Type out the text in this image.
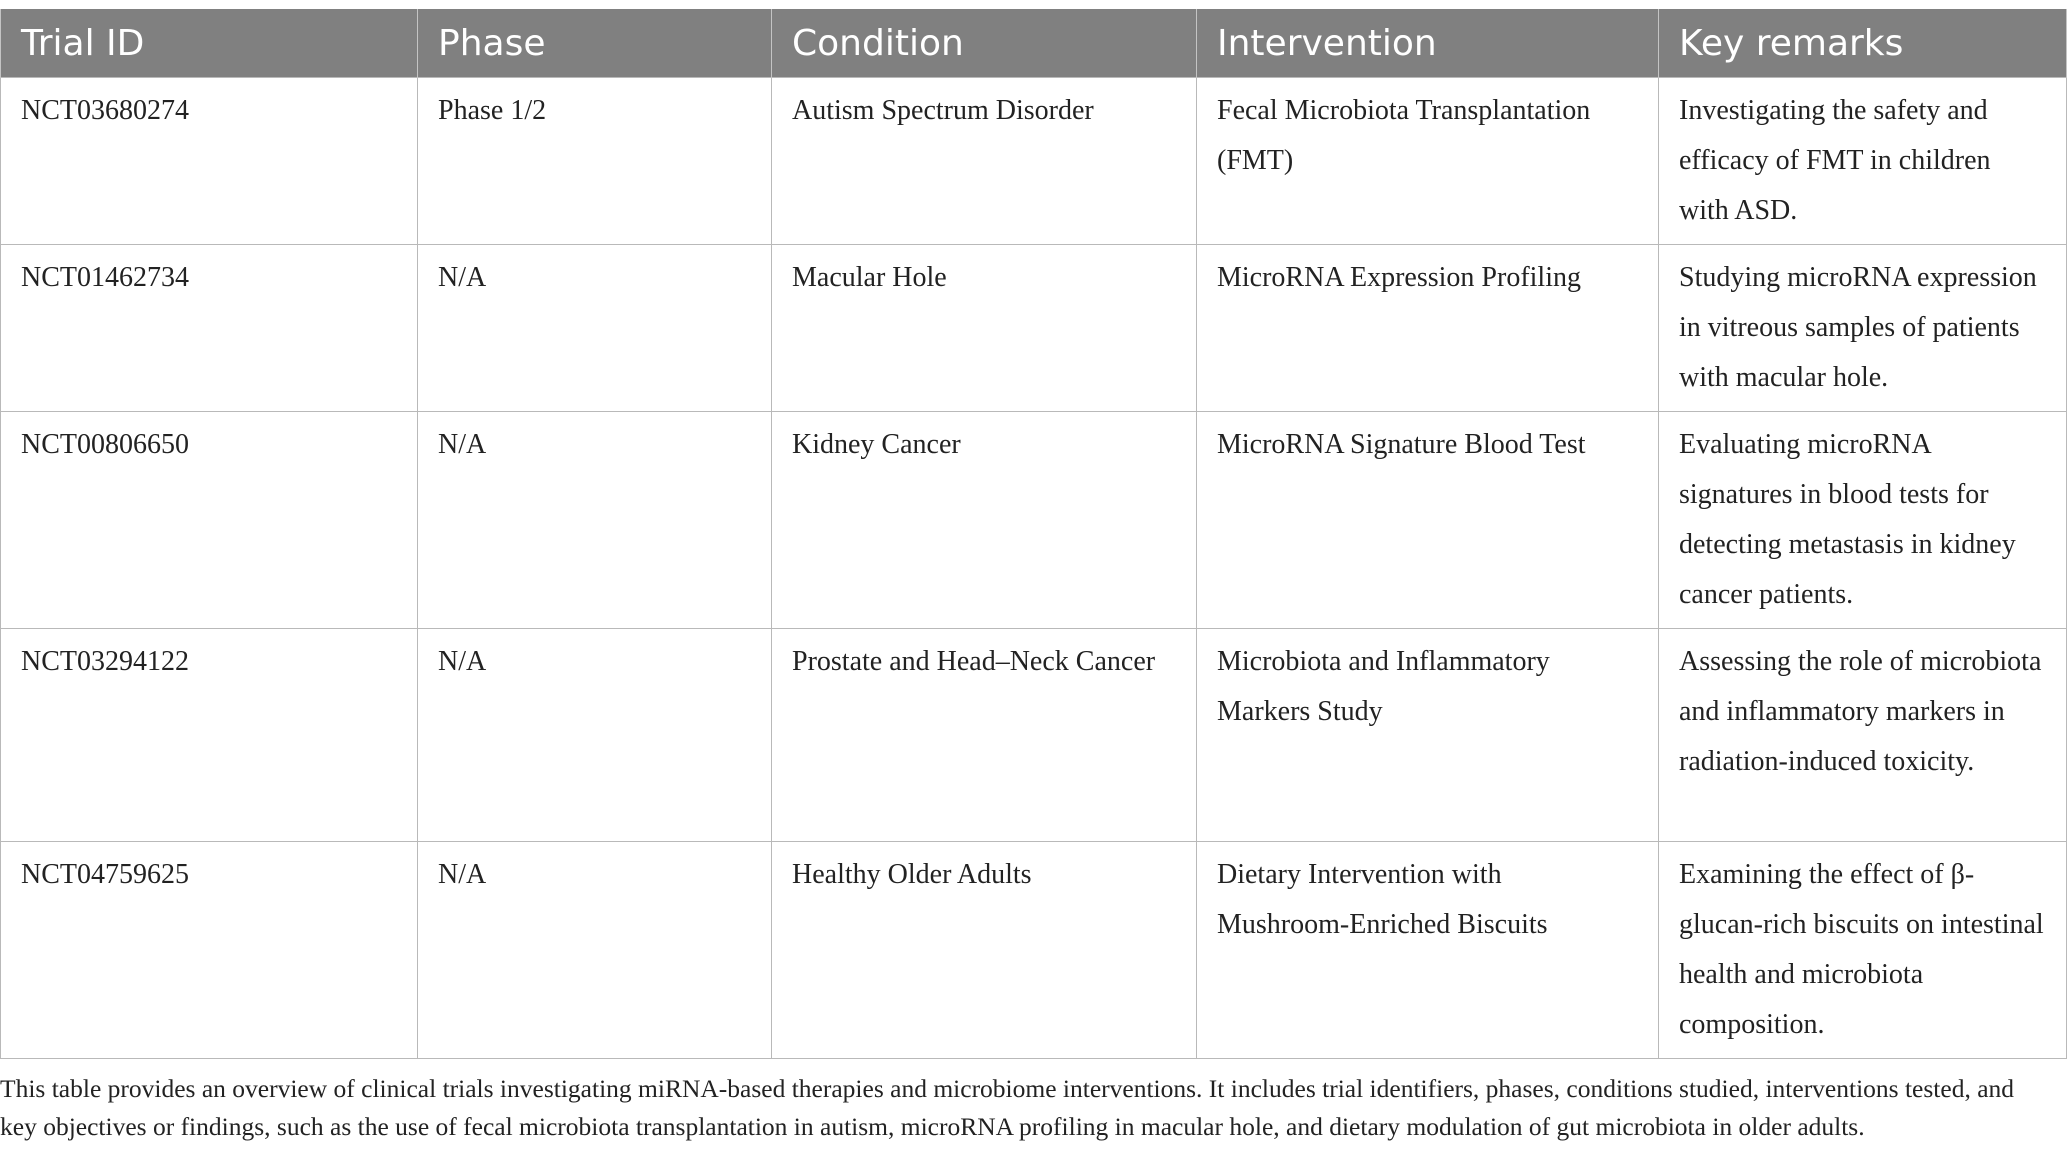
Trial ID	Phase	Condition	Intervention	Key remarks
NCT03680274	Phase 1/2	Autism Spectrum Disorder	Fecal Microbiota Transplantation (FMT)	Investigating the safety and efficacy of FMT in children with ASD.
NCT01462734	N/A	Macular Hole	MicroRNA Expression Profiling	Studying microRNA expression in vitreous samples of patients with macular hole.
NCT00806650	N/A	Kidney Cancer	MicroRNA Signature Blood Test	Evaluating microRNA signatures in blood tests for detecting metastasis in kidney cancer patients.
NCT03294122	N/A	Prostate and Head–Neck Cancer	Microbiota and Inflammatory Markers Study	Assessing the role of microbiota and inflammatory markers in radiation-induced toxicity.
NCT04759625	N/A	Healthy Older Adults	Dietary Intervention with Mushroom-Enriched Biscuits	Examining the effect of β-glucan-rich biscuits on intestinal health and microbiota composition.

This table provides an overview of clinical trials investigating miRNA-based therapies and microbiome interventions. It includes trial identifiers, phases, conditions studied, interventions tested, and key objectives or findings, such as the use of fecal microbiota transplantation in autism, microRNA profiling in macular hole, and dietary modulation of gut microbiota in older adults.
